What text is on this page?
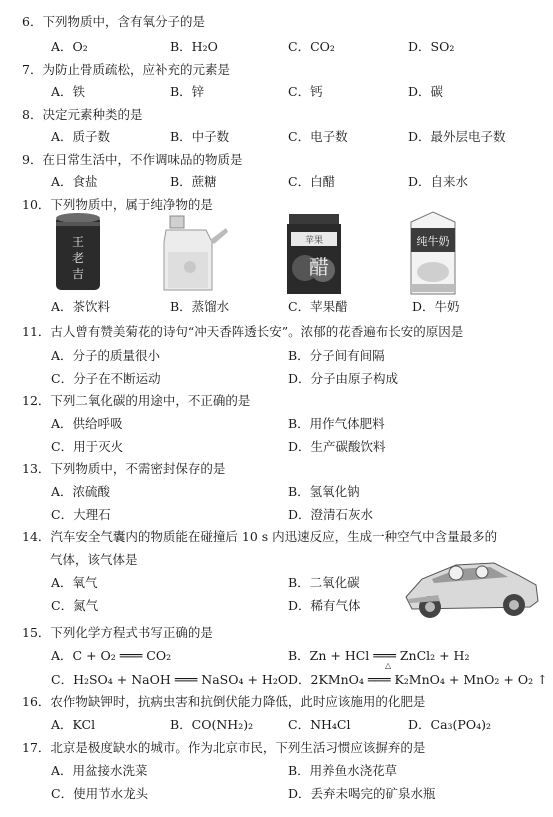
6．下列物质中，含有氧分子的是
A．O₂	B．H₂O	C．CO₂	D．SO₂
7．为防止骨质疏松，应补充的元素是
A．铁	B．锌	C．钙	D．碳
8．决定元素种类的是
A．质子数	B．中子数	C．电子数	D．最外层电子数
9．在日常生活中，不作调味品的物质是
A．食盐	B．蔗糖	C．白醋	D．自来水
10．下列物质中，属于纯净物的是
王
老
吉
苹果
醋
纯牛奶
A．茶饮料	B．蒸馏水	C．苹果醋	D．牛奶
11．古人曾有赞美菊花的诗句“冲天香阵透长安”。浓郁的花香遍布长安的原因是
A．分子的质量很小	B．分子间有间隔
C．分子在不断运动	D．分子由原子构成
12．下列二氧化碳的用途中，不正确的是
A．供给呼吸	B．用作气体肥料
C．用于灭火	D．生产碳酸饮料
13．下列物质中，不需密封保存的是
A．浓硫酸	B．氢氧化钠
C．大理石	D．澄清石灰水
14．汽车安全气囊内的物质能在碰撞后 10 s 内迅速反应，生成一种空气中含量最多的
气体，该气体是
A．氧气	B．二氧化碳
C．氮气	D．稀有气体
15．下列化学方程式书写正确的是
A．C + O₂ ═══ CO₂	B．Zn + HCl ═══ ZnCl₂ + H₂
C．H₂SO₄ + NaOH ═══ NaSO₄ + H₂O
△
D．2KMnO₄ ═══ K₂MnO₄ + MnO₂ + O₂ ↑
16．农作物缺钾时，抗病虫害和抗倒伏能力降低，此时应该施用的化肥是
A．KCl	B．CO(NH₂)₂	C．NH₄Cl	D．Ca₃(PO₄)₂
17．北京是极度缺水的城市。作为北京市民，下列生活习惯应该摒弃的是
A．用盆接水洗菜	B．用养鱼水浇花草
C．使用节水龙头	D．丢弃未喝完的矿泉水瓶
